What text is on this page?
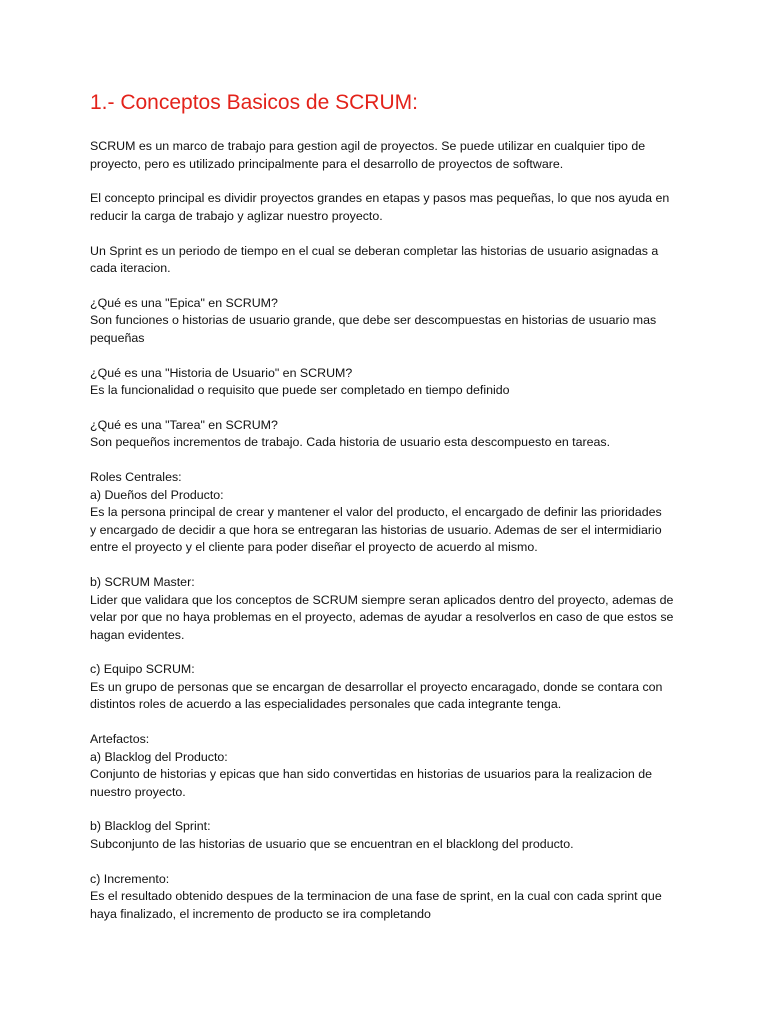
1.- Conceptos Basicos de SCRUM:

SCRUM es un marco de trabajo para gestion agil de proyectos. Se puede utilizar en cualquier tipo de
proyecto, pero es utilizado principalmente para el desarrollo de proyectos de software.

El concepto principal es dividir proyectos grandes en etapas y pasos mas pequeñas, lo que nos ayuda en
reducir la carga de trabajo y aglizar nuestro proyecto.

Un Sprint es un periodo de tiempo en el cual se deberan completar las historias de usuario asignadas a
cada iteracion.

¿Qué es una "Epica" en SCRUM?
Son funciones o historias de usuario grande, que debe ser descompuestas en historias de usuario mas
pequeñas

¿Qué es una "Historia de Usuario" en SCRUM?
Es la funcionalidad o requisito que puede ser completado en tiempo definido

¿Qué es una "Tarea" en SCRUM?
Son pequeños incrementos de trabajo. Cada historia de usuario esta descompuesto en tareas.

Roles Centrales:
a) Dueños del Producto:
Es la persona principal de crear y mantener el valor del producto, el encargado de definir las prioridades
y encargado de decidir a que hora se entregaran las historias de usuario. Ademas de ser el intermidiario
entre el proyecto y el cliente para poder diseñar el proyecto de acuerdo al mismo.

b) SCRUM Master:
Lider que validara que los conceptos de SCRUM siempre seran aplicados dentro del proyecto, ademas de
velar por que no haya problemas en el proyecto, ademas de ayudar a resolverlos en caso de que estos se
hagan evidentes.

c) Equipo SCRUM:
Es un grupo de personas que se encargan de desarrollar el proyecto encaragado, donde se contara con
distintos roles de acuerdo a las especialidades personales que cada integrante tenga.

Artefactos:
a) Blacklog del Producto:
Conjunto de historias y epicas que han sido convertidas en historias de usuarios para la realizacion de
nuestro proyecto.

b) Blacklog del Sprint:
Subconjunto de las historias de usuario que se encuentran en el blacklong del producto.

c) Incremento:
Es el resultado obtenido despues de la terminacion de una fase de sprint, en la cual con cada sprint que
haya finalizado, el incremento de producto se ira completando
